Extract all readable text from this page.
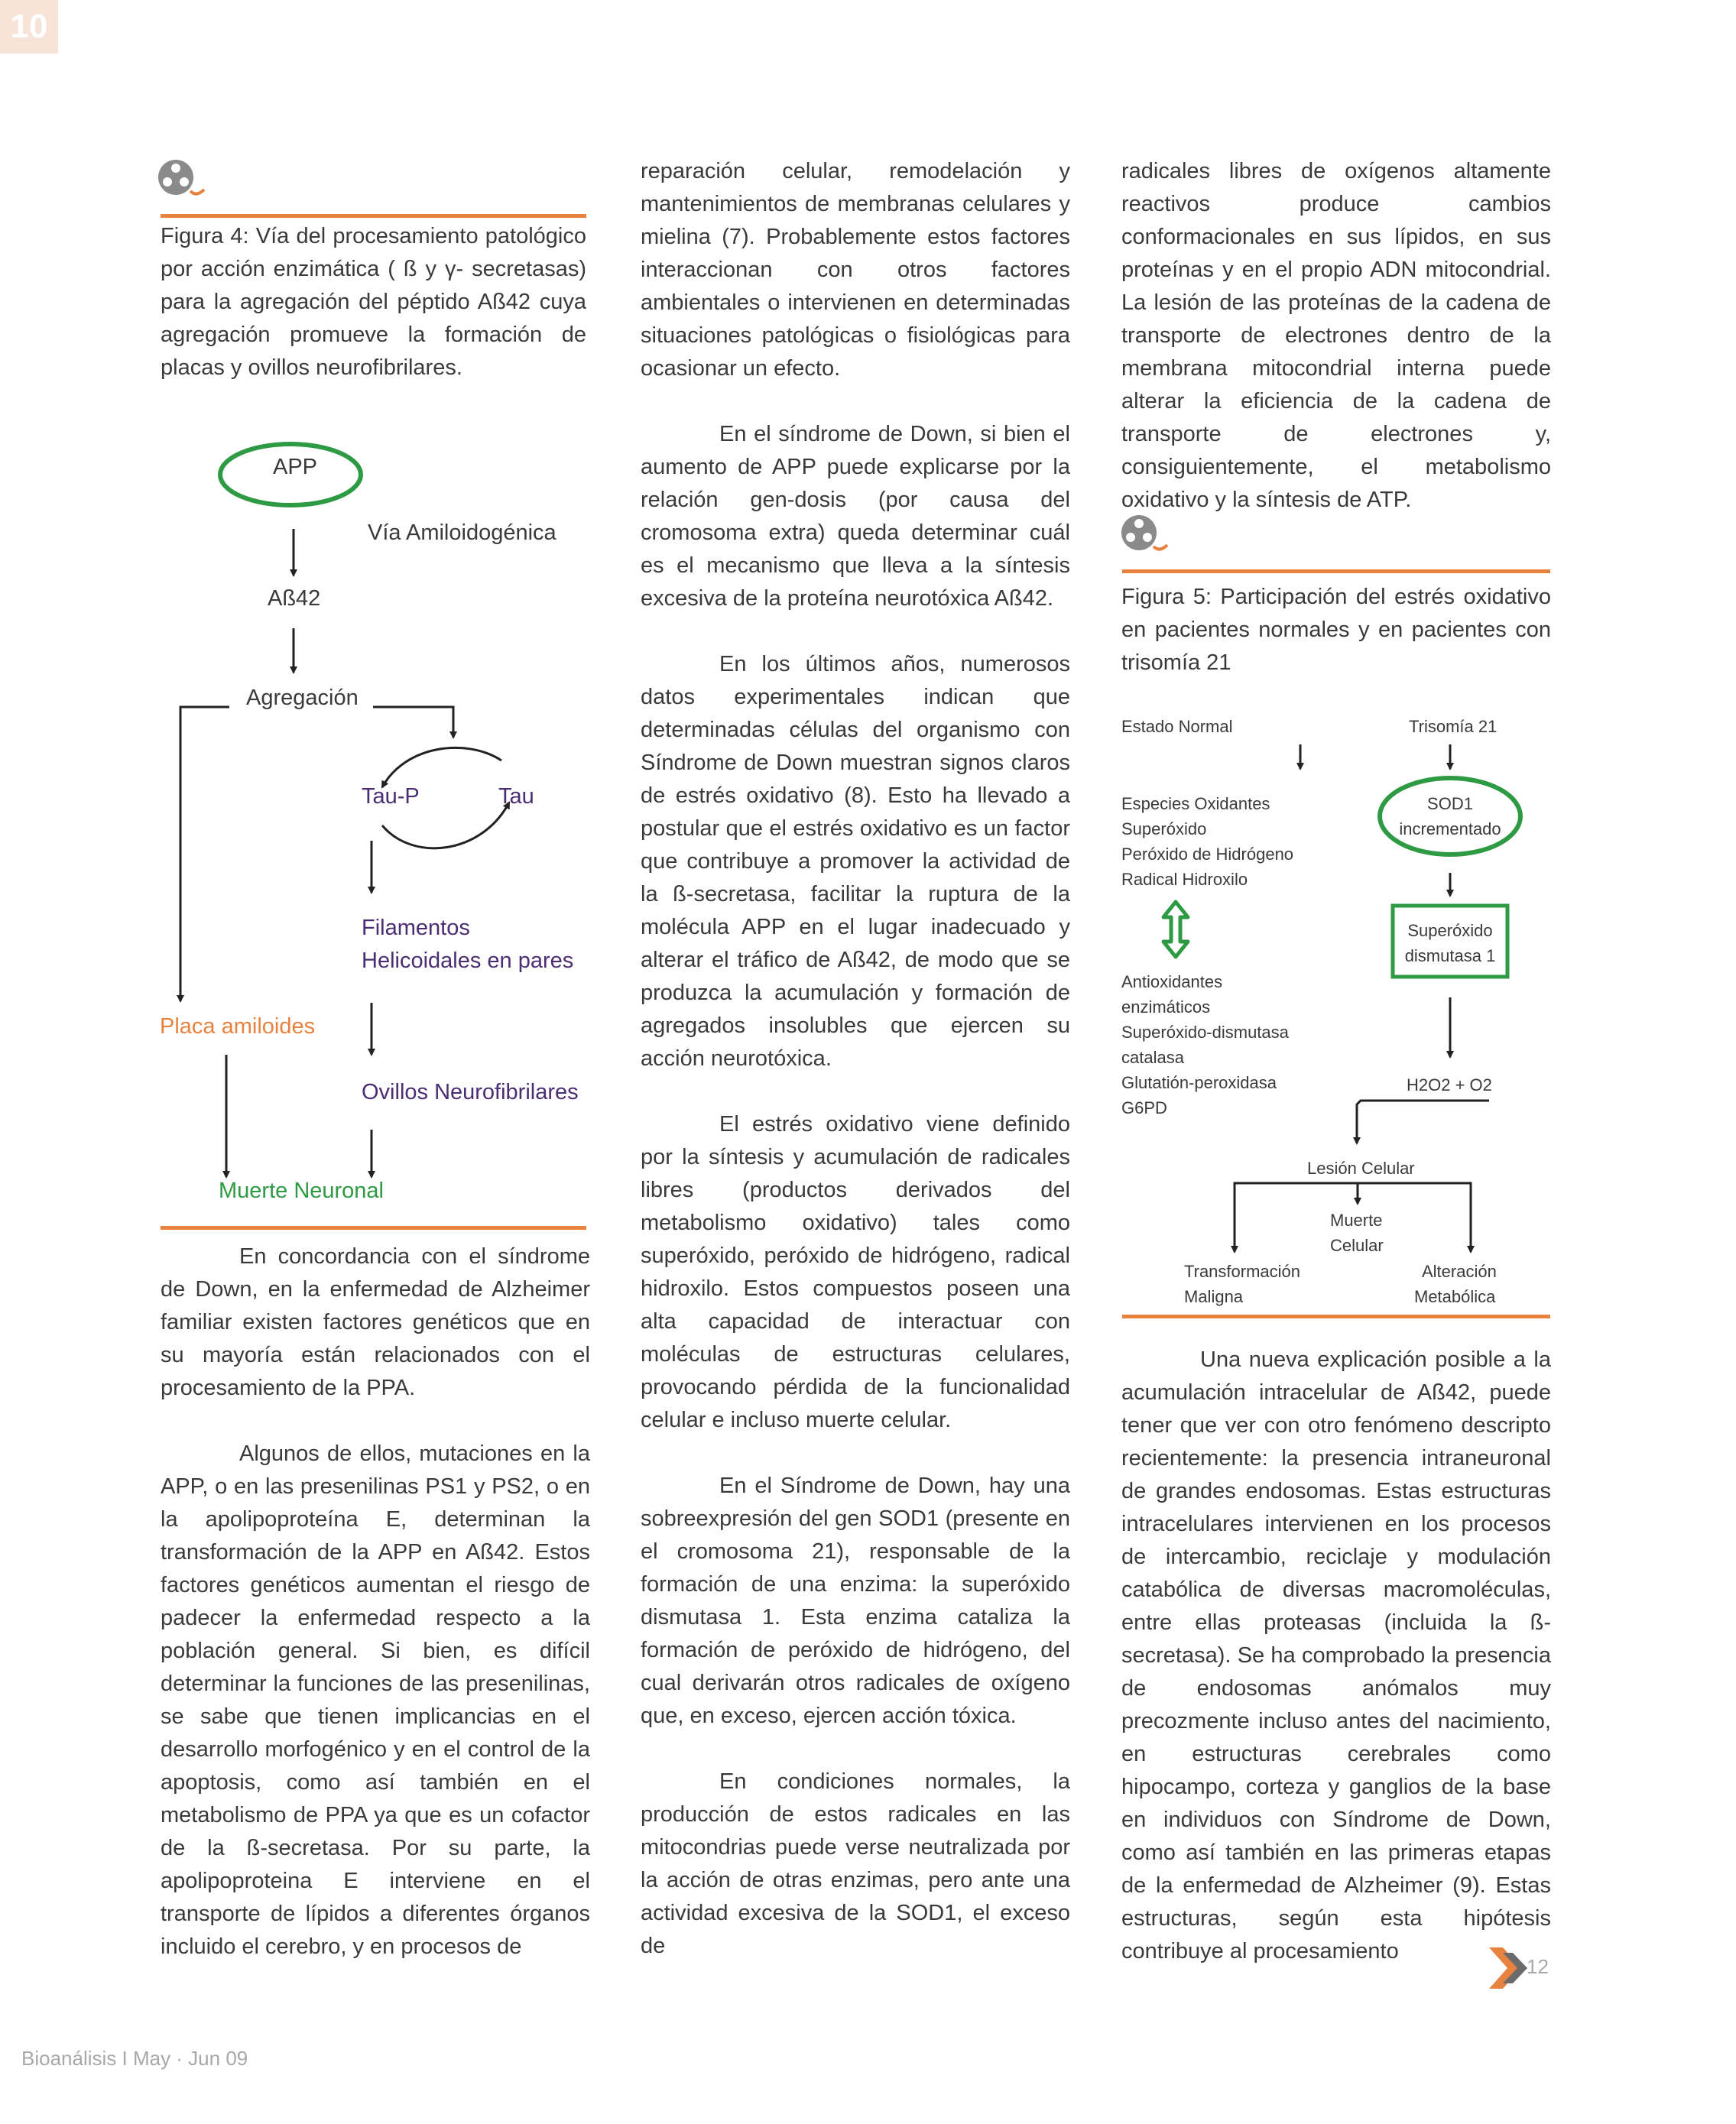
10
Figura 4: Vía del procesamiento patológico por acción enzimática ( ß y γ- secretasas) para la agregación del péptido Aß42 cuya agregación promueve la formación de placas y ovillos neurofibrilares.
APP
Vía Amiloidogénica
Aß42
Agregación
Tau-P	Tau
Filamentos
Helicoidales en pares
Placa amiloides
Ovillos Neurofibrilares
Muerte Neuronal

En concordancia con el síndrome de Down, en la enfermedad de Alzheimer familiar existen factores genéticos que en su mayoría están relacionados con el procesamiento de la PPA.

Algunos de ellos, mutaciones en la APP, o en las presenilinas PS1 y PS2, o en la apolipoproteína E, determinan la transformación de la APP en Aß42. Estos factores genéticos aumentan el riesgo de padecer la enfermedad respecto a la población general. Si bien, es difícil determinar la funciones de las presenilinas, se sabe que tienen implicancias en el desarrollo morfogénico y en el control de la apoptosis, como así también en el metabolismo de PPA ya que es un cofactor de la ß-secretasa. Por su parte, la apolipoproteina E interviene en el transporte de lípidos a diferentes órganos incluido el cerebro, y en procesos de

reparación celular, remodelación y mantenimientos de membranas celulares y mielina (7). Probablemente estos factores interaccionan con otros factores ambientales o intervienen en determinadas situaciones patológicas o fisiológicas para ocasionar un efecto.

En el síndrome de Down, si bien el aumento de APP puede explicarse por la relación gen-dosis (por causa del cromosoma extra) queda determinar cuál es el mecanismo que lleva a la síntesis excesiva de la proteína neurotóxica Aß42.

En los últimos años, numerosos datos experimentales indican que determinadas células del organismo con Síndrome de Down muestran signos claros de estrés oxidativo (8). Esto ha llevado a postular que el estrés oxidativo es un factor que contribuye a promover la actividad de la ß-secretasa, facilitar la ruptura de la molécula APP en el lugar inadecuado y alterar el tráfico de Aß42, de modo que se produzca la acumulación y formación de agregados insolubles que ejercen su acción neurotóxica.

El estrés oxidativo viene definido por la síntesis y acumulación de radicales libres (productos derivados del metabolismo oxidativo) tales como superóxido, peróxido de hidrógeno, radical hidroxilo. Estos compuestos poseen una alta capacidad de interactuar con moléculas de estructuras celulares, provocando pérdida de la funcionalidad celular e incluso muerte celular.

En el Síndrome de Down, hay una sobreexpresión del gen SOD1 (presente en el cromosoma 21), responsable de la formación de una enzima: la superóxido dismutasa 1. Esta enzima cataliza la formación de peróxido de hidrógeno, del cual derivarán otros radicales de oxígeno que, en exceso, ejercen acción tóxica.

En condiciones normales, la producción de estos radicales en las mitocondrias puede verse neutralizada por la acción de otras enzimas, pero ante una actividad excesiva de la SOD1, el exceso de

radicales libres de oxígenos altamente reactivos produce cambios conformacionales en sus lípidos, en sus proteínas y en el propio ADN mitocondrial. La lesión de las proteínas de la cadena de transporte de electrones dentro de la membrana mitocondrial interna puede alterar la eficiencia de la cadena de transporte de electrones y, consiguientemente, el metabolismo oxidativo y la síntesis de ATP.

Figura 5: Participación del estrés oxidativo en pacientes normales y en pacientes con trisomía 21
Estado Normal	Trisomía 21
Especies Oxidantes
Superóxido
Peróxido de Hidrógeno
Radical Hidroxilo
SOD1
incrementado
Superóxido
dismutasa 1
Antioxidantes
enzimáticos
Superóxido-dismutasa
catalasa
Glutatión-peroxidasa
G6PD
H2O2 + O2
Lesión Celular
Muerte
Celular
Transformación
Maligna
Alteración
Metabólica

Una nueva explicación posible a la acumulación intracelular de Aß42, puede tener que ver con otro fenómeno descripto recientemente: la presencia intraneuronal de grandes endosomas. Estas estructuras intracelulares intervienen en los procesos de intercambio, reciclaje y modulación catabólica de diversas macromoléculas, entre ellas proteasas (incluida la ß-secretasa). Se ha comprobado la presencia de endosomas anómalos muy precozmente incluso antes del nacimiento, en estructuras cerebrales como hipocampo, corteza y ganglios de la base en individuos con Síndrome de Down, como así también en las primeras etapas de la enfermedad de Alzheimer (9). Estas estructuras, según esta hipótesis contribuye al procesamiento

12
Bioanálisis I May · Jun 09
